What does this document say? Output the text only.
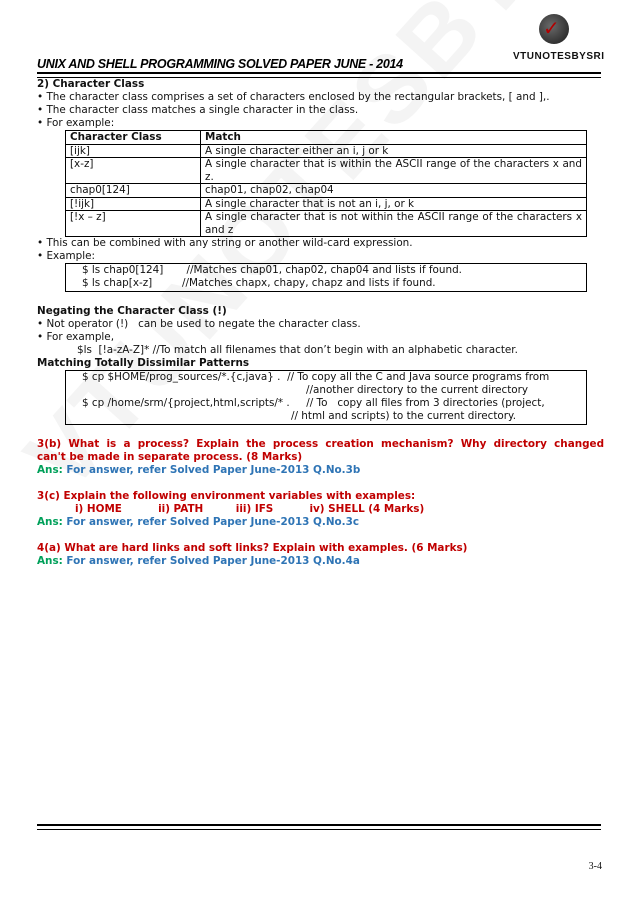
✓
VTUNOTESBYSRI
UNIX AND SHELL PROGRAMMING SOLVED PAPER JUNE - 2014

2) Character Class

• The character class comprises a set of characters enclosed by the rectangular brackets, [ and ],.

• The character class matches a single character in the class.

• For example:

Character Class	Match
[ijk]	A single character either an i, j or k
[x-z]	A single character that is within the ASCII range of the characters x and z.
chap0[124]	chap01, chap02, chap04
[!ijk]	A single character that is not an i, j, or k
[!x – z]	A single character that is not within the ASCII range of the characters x and z

• This can be combined with any string or another wild-card expression.

• Example:

$ ls chap0[124]       //Matches chap01, chap02, chap04 and lists if found.

$ ls chap[x-z]         //Matches chapx, chapy, chapz and lists if found.

Negating the Character Class (!)

• Not operator (!)   can be used to negate the character class.

• For example,

$ls  [!a-zA-Z]* //To match all filenames that don’t begin with an alphabetic character.

Matching Totally Dissimilar Patterns

$ cp $HOME/prog_sources/*.{c,java} .  // To copy all the C and Java source programs from

//another directory to the current directory

$ cp /home/srm/{project,html,scripts/* .     // To   copy all files from 3 directories (project,

// html and scripts) to the current directory.

3(b)  What  is  a  process?  Explain  the  process  creation  mechanism?  Why  directory  changed

can't be made in separate process. (8 Marks)

Ans: For answer, refer Solved Paper June-2013 Q.No.3b

3(c) Explain the following environment variables with examples:

i) HOME          ii) PATH         iii) IFS          iv) SHELL (4 Marks)

Ans: For answer, refer Solved Paper June-2013 Q.No.3c

4(a) What are hard links and soft links? Explain with examples. (6 Marks)

Ans: For answer, refer Solved Paper June-2013 Q.No.4a

3-4
